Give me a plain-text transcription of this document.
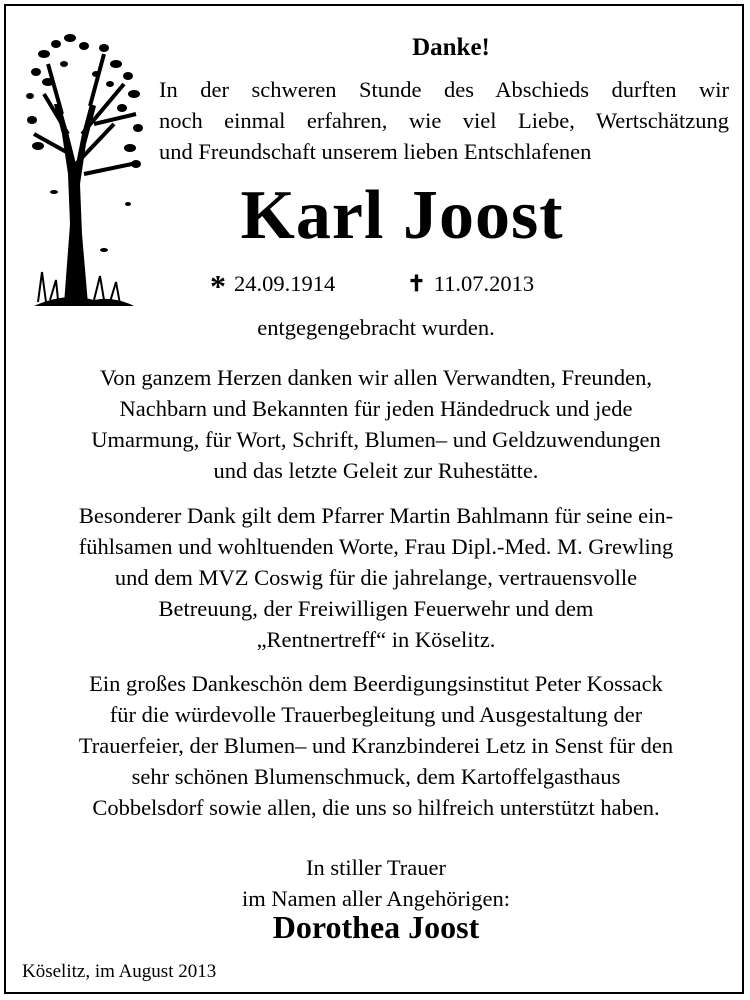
Danke!
In der schweren Stunde des Abschieds durften wir
noch einmal erfahren, wie viel Liebe, Wertschätzung
und Freundschaft unserem lieben Entschlafenen
Karl Joost
* 24.09.1914	✝ 11.07.2013
entgegengebracht wurden.
Von ganzem Herzen danken wir allen Verwandten, Freunden,
Nachbarn und Bekannten für jeden Händedruck und jede
Umarmung, für Wort, Schrift, Blumen– und Geldzuwendungen
und das letzte Geleit zur Ruhestätte.
Besonderer Dank gilt dem Pfarrer Martin Bahlmann für seine ein-
fühlsamen und wohltuenden Worte, Frau Dipl.-Med. M. Grewling
und dem MVZ Coswig für die jahrelange, vertrauensvolle
Betreuung, der Freiwilligen Feuerwehr und dem
„Rentnertreff“ in Köselitz.
Ein großes Dankeschön dem Beerdigungsinstitut Peter Kossack
für die würdevolle Trauerbegleitung und Ausgestaltung der
Trauerfeier, der Blumen– und Kranzbinderei Letz in Senst für den
sehr schönen Blumenschmuck, dem Kartoffelgasthaus
Cobbelsdorf sowie allen, die uns so hilfreich unterstützt haben.
In stiller Trauer
im Namen aller Angehörigen:
Dorothea Joost
Köselitz, im August 2013
